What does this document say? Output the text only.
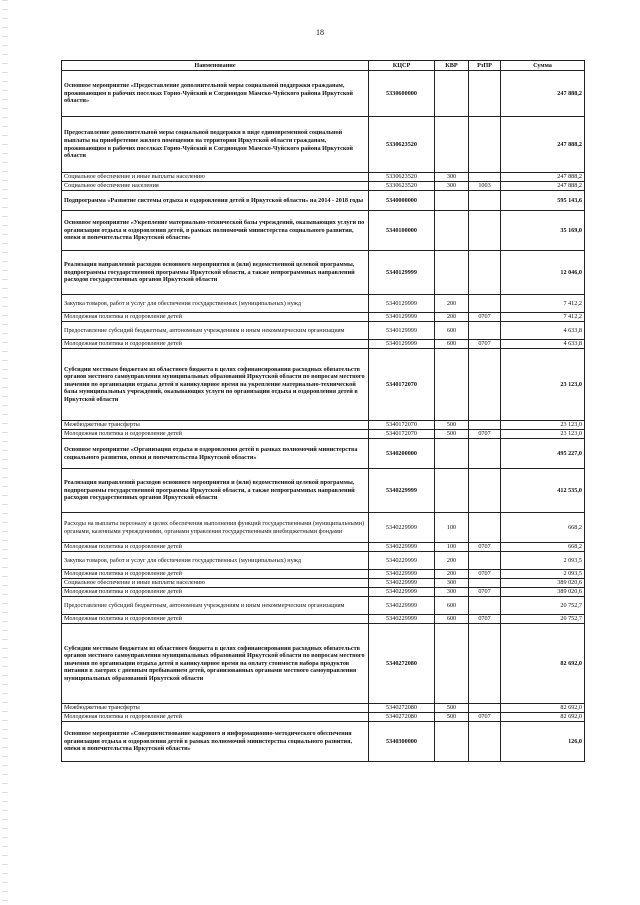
18
Наименование	КЦСР	КВР	РзПР	Сумма
Основное мероприятие «Предоставление дополнительной меры социальной поддержки гражданам, проживающим в рабочих поселках Горно-Чуйский и Согдиондон Мамско-Чуйского района Иркутской области»	5330600000			247 888,2
Предоставление дополнительной меры социальной поддержки в виде единовременной социальной выплаты на приобретение жилого помещения на территории Иркутской области гражданам, проживающим в рабочих поселках Горно-Чуйский и Согдиондон Мамско-Чуйского района Иркутской области	5330623520			247 888,2
Социальное обеспечение и иные выплаты населению	5330623520	300		247 888,2
Социальное обеспечение населения	5330623520	300	1003	247 888,2
Подпрограмма «Развитие системы отдыха и оздоровления детей в Иркутской области» на 2014 - 2018 годы	5340000000			595 143,6
Основное мероприятие «Укрепление материально-технической базы учреждений, оказывающих услуги по организации отдыха и оздоровления детей, в рамках полномочий министерства социального развития, опеки и попечительства Иркутской области»	5340100000			35 169,0
Реализация направлений расходов основного мероприятия и (или) ведомственной целевой программы, подпрограммы государственной программы Иркутской области, а также непрограммных направлений расходов государственных органов Иркутской области	5340129999			12 046,0
Закупка товаров, работ и услуг для обеспечения государственных (муниципальных) нужд	5340129999	200		7 412,2
Молодежная политика и оздоровление детей	5340129999	200	0707	7 412,2
Предоставление субсидий бюджетным, автономным учреждениям и иным некоммерческим организациям	5340129999	600		4 633,8
Молодежная политика и оздоровление детей	5340129999	600	0707	4 633,8
Субсидии местным бюджетам из областного бюджета в целях софинансирования расходных обязательств органов местного самоуправления муниципальных образований Иркутской области по вопросам местного значения по организации отдыха детей в каникулярное время на укрепление материально-технической базы муниципальных учреждений, оказывающих услуги по организации отдыха и оздоровления детей в Иркутской области	5340172070			23 123,0
Межбюджетные трансферты	5340172070	500		23 123,0
Молодежная политика и оздоровление детей	5340172070	500	0707	23 123,0
Основное мероприятие «Организация отдыха и оздоровления детей в рамках полномочий министерства социального развития, опеки и попечительства Иркутской области»	5340200000			495 227,0
Реализация направлений расходов основного мероприятия и (или) ведомственной целевой программы, подпрограммы государственной программы Иркутской области, а также непрограммных направлений расходов государственных органов Иркутской области	5340229999			412 535,0
Расходы на выплаты персоналу в целях обеспечения выполнения функций государственными (муниципальными) органами, казенными учреждениями, органами управления государственными внебюджетными фондами	5340229999	100		668,2
Молодежная политика и оздоровление детей	5340229999	100	0707	668,2
Закупка товаров, работ и услуг для обеспечения государственных (муниципальных) нужд	5340229999	200		2 093,5
Молодежная политика и оздоровление детей	5340229999	200	0707	2 093,5
Социальное обеспечение и иные выплаты населению	5340229999	300		389 020,6
Молодежная политика и оздоровление детей	5340229999	300	0707	389 020,6
Предоставление субсидий бюджетным, автономным учреждениям и иным некоммерческим организациям	5340229999	600		20 752,7
Молодежная политика и оздоровление детей	5340229999	600	0707	20 752,7
Субсидии местным бюджетам из областного бюджета в целях софинансирования расходных обязательств органов местного самоуправления муниципальных образований Иркутской области по вопросам местного значения по организации отдыха детей в каникулярное время на оплату стоимости набора продуктов питания в лагерях с дневным пребыванием детей, организованных органами местного самоуправления муниципальных образований Иркутской области	5340272080			82 692,0
Межбюджетные трансферты	5340272080	500		82 692,0
Молодежная политика и оздоровление детей	5340272080	500	0707	82 692,0
Основное мероприятие «Совершенствование кадрового и информационно-методического обеспечения организации отдыха и оздоровления детей в рамках полномочий министерства социального развития, опеки и попечительства Иркутской области»	5340300000			126,0
